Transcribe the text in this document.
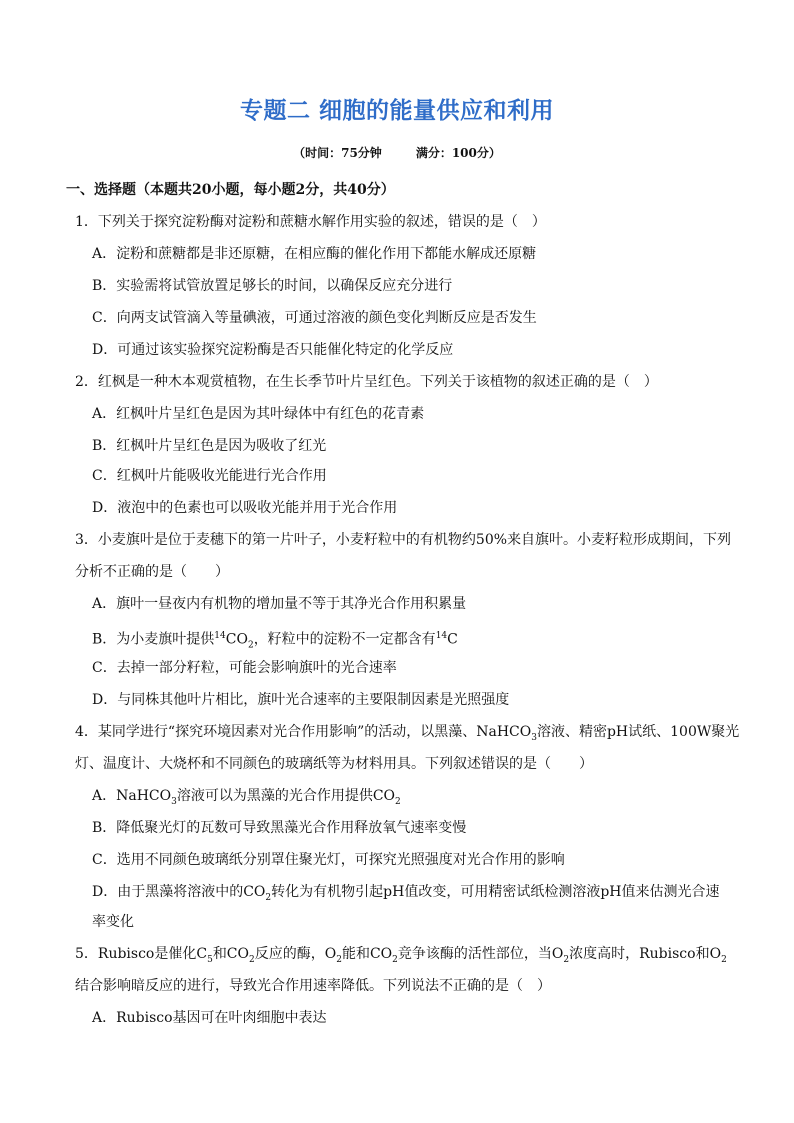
专题二 细胞的能量供应和利用
（时间：75分钟	满分：100分）
一、选择题（本题共20小题，每小题2分，共40分）
1．下列关于探究淀粉酶对淀粉和蔗糖水解作用实验的叙述，错误的是（　）
A．淀粉和蔗糖都是非还原糖，在相应酶的催化作用下都能水解成还原糖
B．实验需将试管放置足够长的时间，以确保反应充分进行
C．向两支试管滴入等量碘液，可通过溶液的颜色变化判断反应是否发生
D．可通过该实验探究淀粉酶是否只能催化特定的化学反应
2．红枫是一种木本观赏植物，在生长季节叶片呈红色。下列关于该植物的叙述正确的是（　）
A．红枫叶片呈红色是因为其叶绿体中有红色的花青素
B．红枫叶片呈红色是因为吸收了红光
C．红枫叶片能吸收光能进行光合作用
D．液泡中的色素也可以吸收光能并用于光合作用
3．小麦旗叶是位于麦穗下的第一片叶子，小麦籽粒中的有机物约50%来自旗叶。小麦籽粒形成期间，下列
分析不正确的是（　　）
A．旗叶一昼夜内有机物的增加量不等于其净光合作用积累量
B．为小麦旗叶提供$^{14}CO_2$，籽粒中的淀粉不一定都含有$^{14}$C
C．去掉一部分籽粒，可能会影响旗叶的光合速率
D．与同株其他叶片相比，旗叶光合速率的主要限制因素是光照强度
4．某同学进行“探究环境因素对光合作用影响”的活动，以黑藻、NaHCO$_3$溶液、精密pH试纸、100W聚光
灯、温度计、大烧杯和不同颜色的玻璃纸等为材料用具。下列叙述错误的是（　　）
A．NaHCO$_3$溶液可以为黑藻的光合作用提供$CO_2$
B．降低聚光灯的瓦数可导致黑藻光合作用释放氧气速率变慢
C．选用不同颜色玻璃纸分别罩住聚光灯，可探究光照强度对光合作用的影响
D．由于黑藻将溶液中的$CO_2$转化为有机物引起pH值改变，可用精密试纸检测溶液pH值来估测光合速
率变化
5．Rubisco是催化$C_5$和$CO_2$反应的酶，$O_2$能和$CO_2$竞争该酶的活性部位，当$O_2$浓度高时，Rubisco和$O_2$
结合影响暗反应的进行，导致光合作用速率降低。下列说法不正确的是（　）
A．Rubisco基因可在叶肉细胞中表达
